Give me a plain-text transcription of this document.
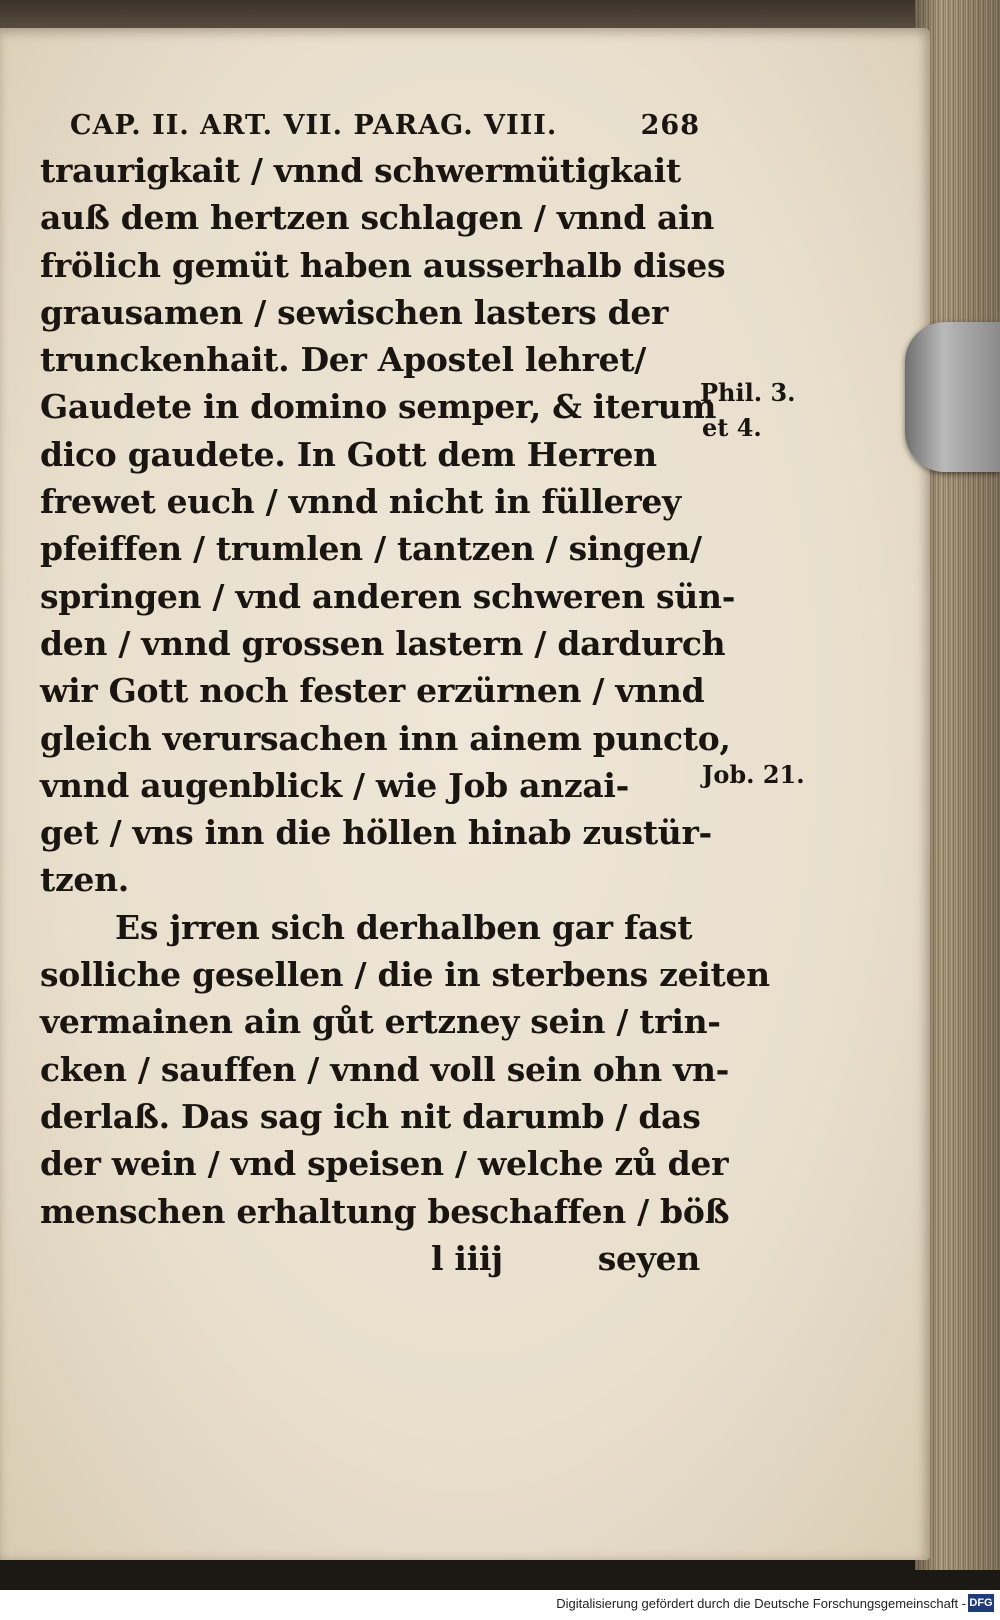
CAP. II. ART. VII. PARAG. VIII.	268
traurigkait / vnnd schwermütigkait
auß dem hertzen schlagen / vnnd ain
frölich gemüt haben ausserhalb dises
grausamen / sewischen lasters der
trunckenhait. Der Apostel lehret/
Gaudete in domino semper, & iterum
dico gaudete. In Gott dem Herren
frewet euch / vnnd nicht in füllerey
pfeiffen / trumlen / tantzen / singen/
springen / vnd anderen schweren sün-
den / vnnd grossen lastern / dardurch
wir Gott noch fester erzürnen / vnnd
gleich verursachen inn ainem puncto,
vnnd augenblick / wie Job anzai-
get / vns inn die höllen hinab zustür-
tzen.
Es jrren sich derhalben gar fast
solliche gesellen / die in sterbens zeiten
vermainen ain gůt ertzney sein / trin-
cken / sauffen / vnnd voll sein ohn vn-
derlaß. Das sag ich nit darumb / das
der wein / vnd speisen / welche zů der
menschen erhaltung beschaffen / böß
l iiij	seyen
Phil. 3.
et 4.
Job. 21.
Digitalisierung gefördert durch die Deutsche Forschungsgemeinschaft - DFG
